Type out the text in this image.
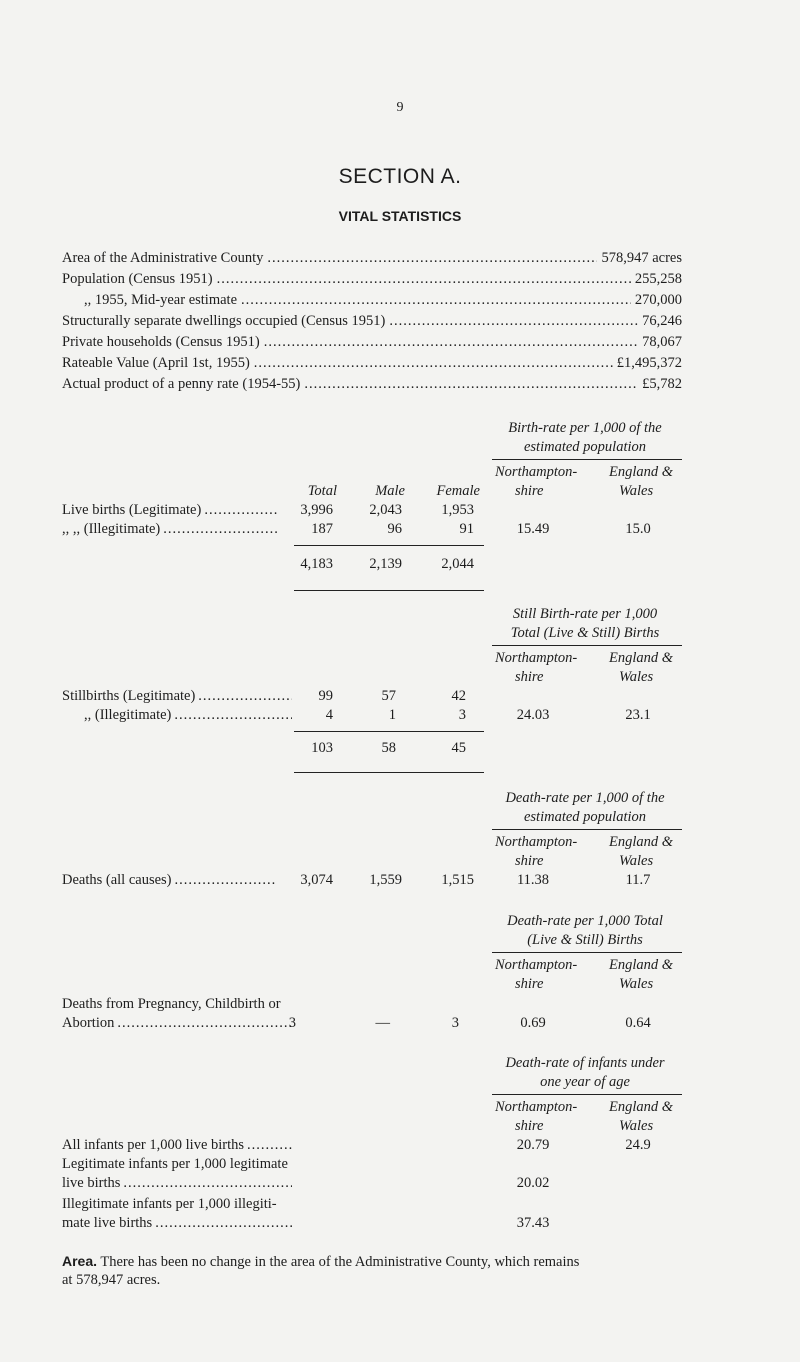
9
SECTION A.
VITAL STATISTICS
Area of the Administrative County .....	578,947 acres
Population (Census 1951) .....	255,258
,, 1955, Mid-year estimate .....	270,000
Structurally separate dwellings occupied (Census 1951) .....	76,246
Private households (Census 1951) .....	78,067
Rateable Value (April 1st, 1955) .....	£1,495,372
Actual product of a penny rate (1954-55) .....	£5,782
Birth-rate per 1,000 of the
estimated population
Northampton- England &
shire	Wales
Total	Male	Female
Live births (Legitimate) .....	3,996	2,043	1,953
,, ,, (Illegitimate) .....	187	96	91	15.49	15.0
4,183	2,139	2,044
Still Birth-rate per 1,000
Total (Live & Still) Births
Northampton- England &
shire	Wales
Stillbirths (Legitimate) .....	99	57	42
,, (Illegitimate) .....	4	1	3	24.03	23.1
103	58	45
Death-rate per 1,000 of the
estimated population
Northampton- England &
shire	Wales
Deaths (all causes) .....	3,074	1,559	1,515	11.38	11.7
Death-rate per 1,000 Total
(Live & Still) Births
Northampton- England &
shire	Wales
Deaths from Pregnancy, Childbirth or
Abortion .....	3	—	3	0.69	0.64
Death-rate of infants under
one year of age
Northampton- England &
shire	Wales
All infants per 1,000 live births .....	20.79	24.9
Legitimate infants per 1,000 legitimate
live births .....	20.02
Illegitimate infants per 1,000 illegiti-
mate live births .....	37.43
Area. There has been no change in the area of the Administrative County, which remains
at 578,947 acres.
